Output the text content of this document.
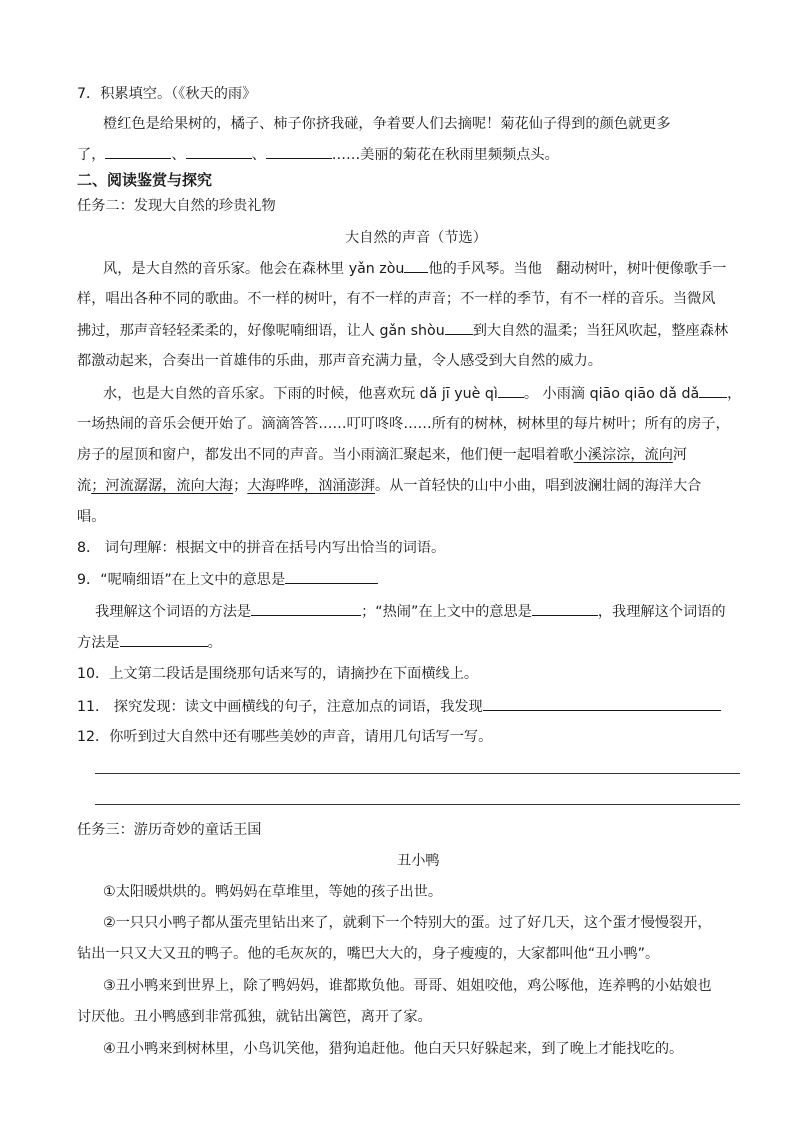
7．积累填空。（《秋天的雨》
橙红色是给果树的，橘子、柿子你挤我碰，争着要人们去摘呢！菊花仙子得到的颜色就更多
了，	、	、	……美丽的菊花在秋雨里频频点头。
二、阅读鉴赏与探究
任务二：发现大自然的珍贵礼物
大自然的声音（节选）
风，是大自然的音乐家。他会在森林里 yǎn zòu 他的手风琴。当他　翻动树叶，树叶便像歌手一
样，唱出各种不同的歌曲。不一样的树叶，有不一样的声音；不一样的季节，有不一样的音乐。当微风
拂过，那声音轻轻柔柔的，好像呢喃细语，让人 gǎn shòu 到大自然的温柔；当狂风吹起，整座森林
都激动起来，合奏出一首雄伟的乐曲，那声音充满力量，令人感受到大自然的威力。
水，也是大自然的音乐家。下雨的时候，他喜欢玩 dǎ jī yuè qì 。 小雨滴 qiāo qiāo dǎ dǎ ，
一场热闹的音乐会便开始了。滴滴答答……叮叮咚咚……所有的树林，树林里的每片树叶；所有的房子，
房子的屋顶和窗户，都发出不同的声音。当小雨滴汇聚起来，他们便一起唱着歌小溪淙淙，流向河
流；河流潺潺，流向大海；大海哗哗，汹涌澎湃。从一首轻快的山中小曲，唱到波澜壮阔的海洋大合
唱。
8． 词句理解：根据文中的拼音在括号内写出恰当的词语。
9．“呢喃细语”在上文中的意思是
我理解这个词语的方法是	；“热闹”在上文中的意思是	，我理解这个词语的
方法是	。
10．上文第二段话是围绕那句话来写的，请摘抄在下面横线上。
11． 探究发现：读文中画横线的句子，注意加点的词语，我发现
12．你听到过大自然中还有哪些美妙的声音，请用几句话写一写。
任务三：游历奇妙的童话王国
丑小鸭
①太阳暖烘烘的。鸭妈妈在草堆里，等她的孩子出世。
②一只只小鸭子都从蛋壳里钻出来了，就剩下一个特别大的蛋。过了好几天，这个蛋才慢慢裂开，
钻出一只又大又丑的鸭子。他的毛灰灰的，嘴巴大大的，身子瘦瘦的，大家都叫他“丑小鸭”。
③丑小鸭来到世界上，除了鸭妈妈，谁都欺负他。哥哥、姐姐咬他，鸡公啄他，连养鸭的小姑娘也
讨厌他。丑小鸭感到非常孤独，就钻出篱笆，离开了家。
④丑小鸭来到树林里，小鸟讥笑他，猎狗追赶他。他白天只好躲起来，到了晚上才能找吃的。
